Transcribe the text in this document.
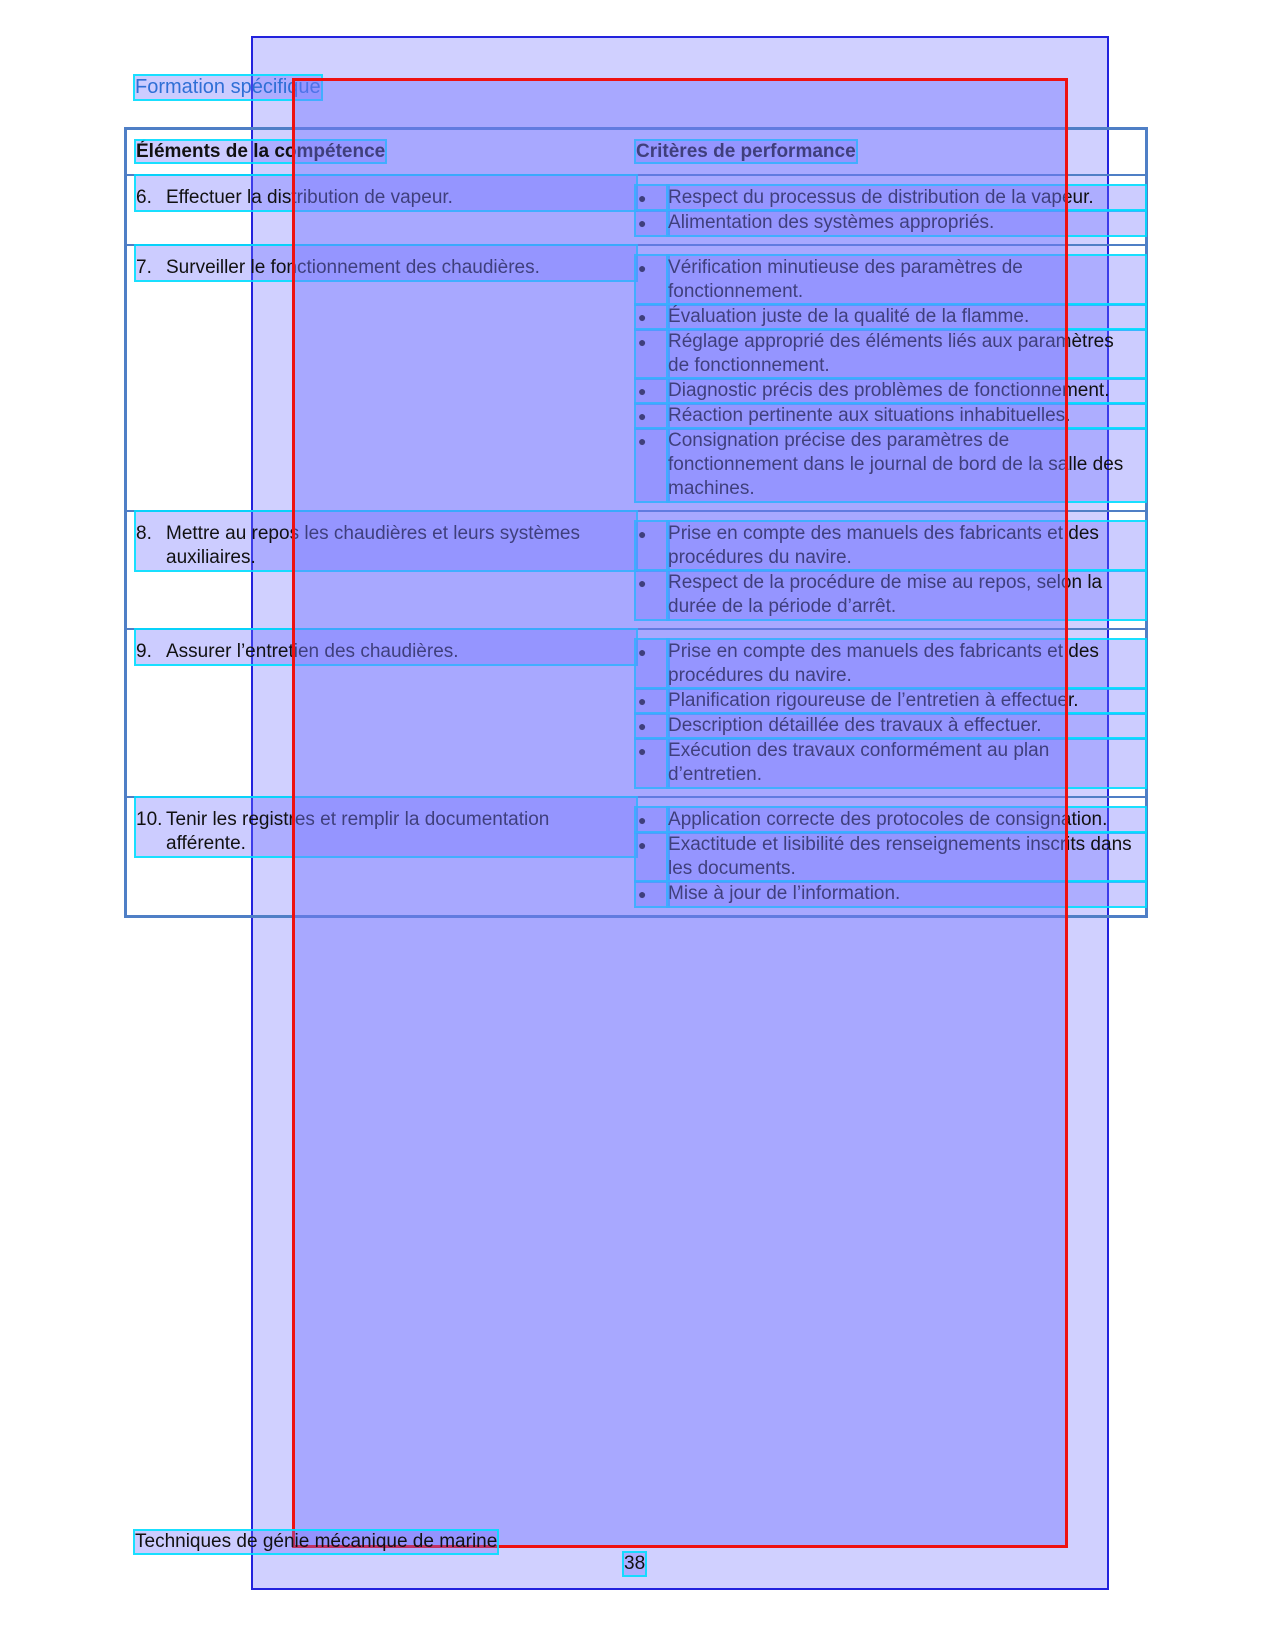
Formation spécifique
Éléments de la compétence	Critères de performance
6. Effectuer la distribution de vapeur.	●	Respect du processus de distribution de la vapeur.
●	Alimentation des systèmes appropriés.
7. Surveiller le fonctionnement des chaudières.	●	Vérification minutieuse des paramètres de fonctionnement.
●	Évaluation juste de la qualité de la flamme.
●	Réglage approprié des éléments liés aux paramètres de fonctionnement.
●	Diagnostic précis des problèmes de fonctionnement.
●	Réaction pertinente aux situations inhabituelles.
●	Consignation précise des paramètres de fonctionnement dans le journal de bord de la salle des machines.
8. Mettre au repos les chaudières et leurs systèmes auxiliaires.
●	Prise en compte des manuels des fabricants et des procédures du navire.
●	Respect de la procédure de mise au repos, selon la durée de la période d’arrêt.
9. Assurer l’entretien des chaudières.	●	Prise en compte des manuels des fabricants et des procédures du navire.
●	Planification rigoureuse de l’entretien à effectuer.
●	Description détaillée des travaux à effectuer.
●	Exécution des travaux conformément au plan d’entretien.
10. Tenir les registres et remplir la documentation afférente.
●	Application correcte des protocoles de consignation.
●	Exactitude et lisibilité des renseignements inscrits dans les documents.
●	Mise à jour de l’information.
Techniques de génie mécanique de marine
38
